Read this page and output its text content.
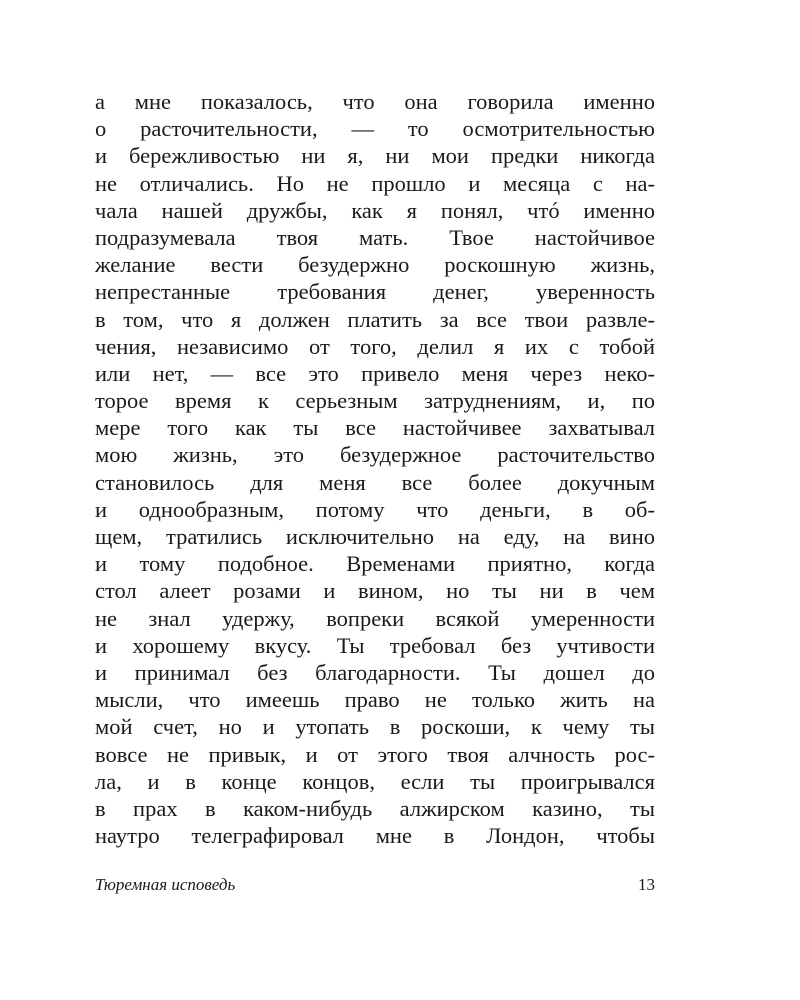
а мне показалось, что она говорила именно
о расточительности, — то осмотрительностью
и бережливостью ни я, ни мои предки никогда
не отличались. Но не прошло и месяца с на-
чала нашей дружбы, как я понял, чтó именно
подразумевала твоя мать. Твое настойчивое
желание вести безудержно роскошную жизнь,
непрестанные требования денег, уверенность
в том, что я должен платить за все твои развле-
чения, независимо от того, делил я их с тобой
или нет, — все это привело меня через неко-
торое время к серьезным затруднениям, и, по
мере того как ты все настойчивее захватывал
мою жизнь, это безудержное расточительство
становилось для меня все более докучным
и однообразным, потому что деньги, в об-
щем, тратились исключительно на еду, на вино
и тому подобное. Временами приятно, когда
стол алеет розами и вином, но ты ни в чем
не знал удержу, вопреки всякой умеренности
и хорошему вкусу. Ты требовал без учтивости
и принимал без благодарности. Ты дошел до
мысли, что имеешь право не только жить на
мой счет, но и утопать в роскоши, к чему ты
вовсе не привык, и от этого твоя алчность рос-
ла, и в конце концов, если ты проигрывался
в прах в каком-нибудь алжирском казино, ты
наутро телеграфировал мне в Лондон, чтобы
Тюремная исповедь	13
